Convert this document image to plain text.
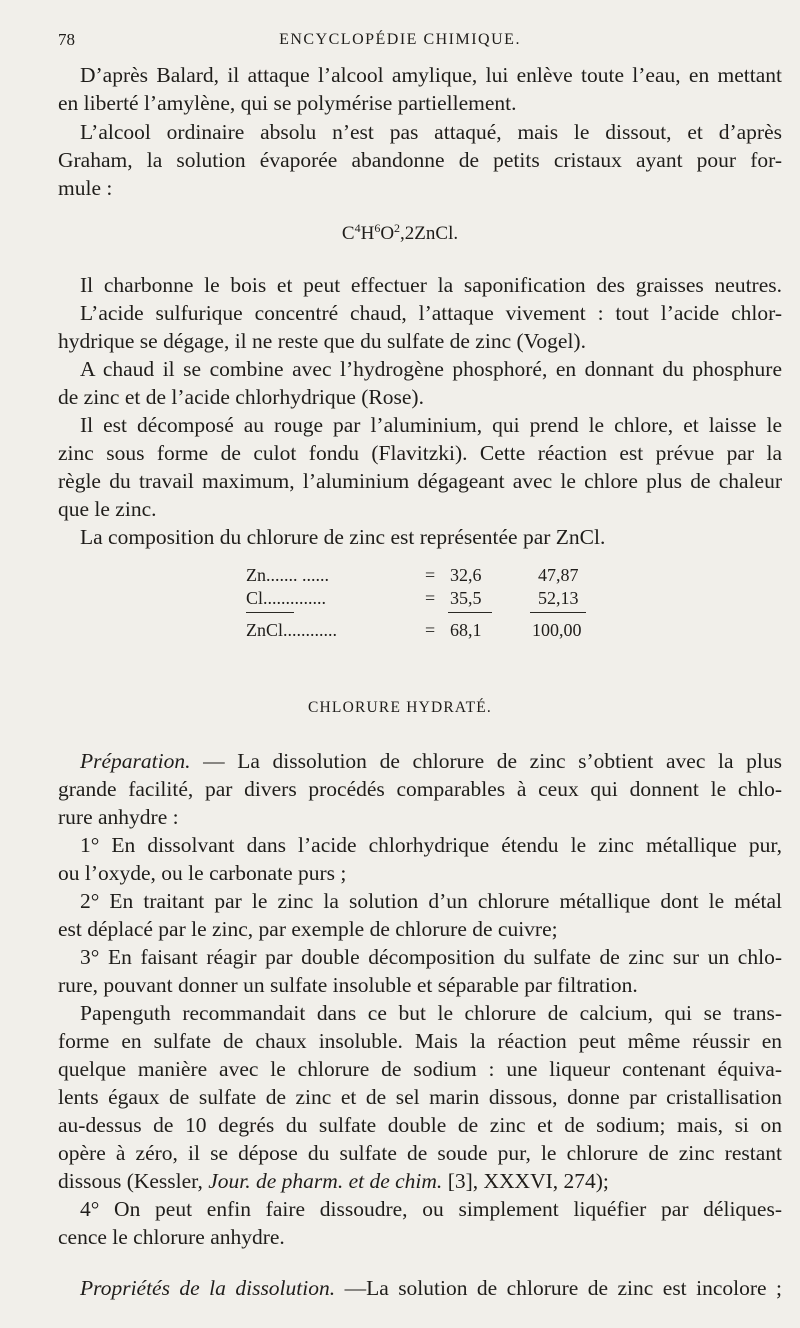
78	ENCYCLOPÉDIE CHIMIQUE.
D’après Balard, il attaque l’alcool amylique, lui enlève toute l’eau, en mettant
en liberté l’amylène, qui se polymérise partiellement.
L’alcool ordinaire absolu n’est pas attaqué, mais le dissout, et d’après
Graham, la solution évaporée abandonne de petits cristaux ayant pour for-
mule :
$C^4H^6O^2,2ZnCl$.
Il charbonne le bois et peut effectuer la saponification des graisses neutres.
L’acide sulfurique concentré chaud, l’attaque vivement : tout l’acide chlor-
hydrique se dégage, il ne reste que du sulfate de zinc (Vogel).
A chaud il se combine avec l’hydrogène phosphoré, en donnant du phosphure
de zinc et de l’acide chlorhydrique (Rose).
Il est décomposé au rouge par l’aluminium, qui prend le chlore, et laisse le
zinc sous forme de culot fondu (Flavitzki). Cette réaction est prévue par la
règle du travail maximum, l’aluminium dégageant avec le chlore plus de chaleur
que le zinc.
La composition du chlorure de zinc est représentée par ZnCl.
Zn....... ......	= 32,6	47,87
Cl..............	= 35,5	52,13
ZnCl............	= 68,1	100,00
CHLORURE HYDRATÉ.
Préparation. — La dissolution de chlorure de zinc s’obtient avec la plus
grande facilité, par divers procédés comparables à ceux qui donnent le chlo-
rure anhydre :
1° En dissolvant dans l’acide chlorhydrique étendu le zinc métallique pur,
ou l’oxyde, ou le carbonate purs ;
2° En traitant par le zinc la solution d’un chlorure métallique dont le métal
est déplacé par le zinc, par exemple de chlorure de cuivre;
3° En faisant réagir par double décomposition du sulfate de zinc sur un chlo-
rure, pouvant donner un sulfate insoluble et séparable par filtration.
Papenguth recommandait dans ce but le chlorure de calcium, qui se trans-
forme en sulfate de chaux insoluble. Mais la réaction peut même réussir en
quelque manière avec le chlorure de sodium : une liqueur contenant équiva-
lents égaux de sulfate de zinc et de sel marin dissous, donne par cristallisation
au-dessus de 10 degrés du sulfate double de zinc et de sodium; mais, si on
opère à zéro, il se dépose du sulfate de soude pur, le chlorure de zinc restant
dissous (Kessler, Jour. de pharm. et de chim. [3], XXXVI, 274);
4° On peut enfin faire dissoudre, ou simplement liquéfier par déliques-
cence le chlorure anhydre.
Propriétés de la dissolution. —La solution de chlorure de zinc est incolore ;
